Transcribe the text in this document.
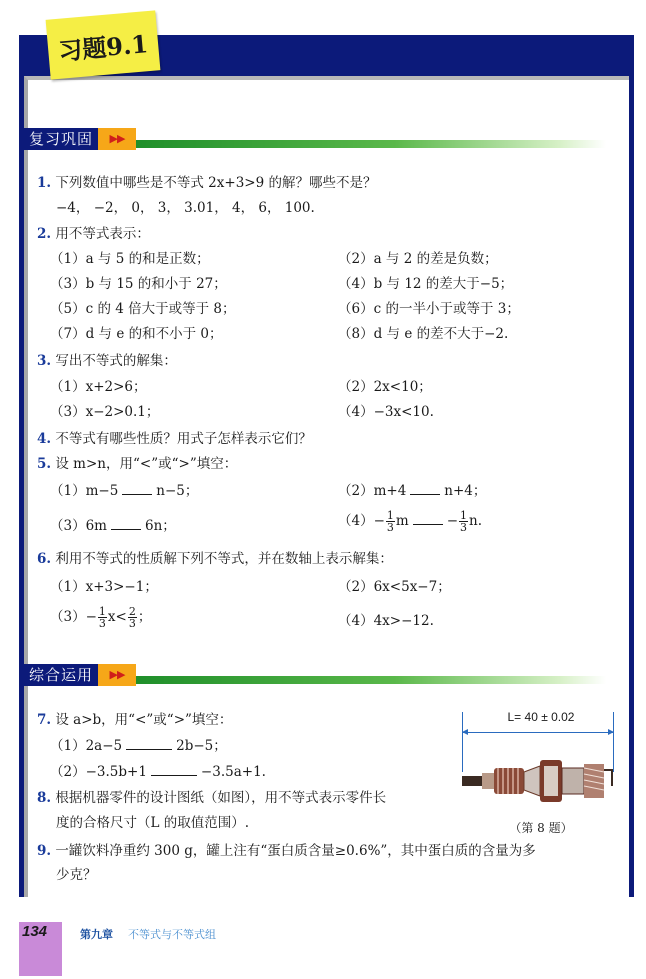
习题9.1
复习巩固	▶▶
1. 下列数值中哪些是不等式 2x+3>9 的解？哪些不是？
−4， −2， 0， 3， 3.01， 4， 6， 100.
2. 用不等式表示：
（1）a 与 5 的和是正数；	（2）a 与 2 的差是负数；
（3）b 与 15 的和小于 27；	（4）b 与 12 的差大于−5；
（5）c 的 4 倍大于或等于 8；	（6）c 的一半小于或等于 3；
（7）d 与 e 的和不小于 0；	（8）d 与 e 的差不大于−2.
3. 写出不等式的解集：
（1）x+2>6；	（2）2x<10；
（3）x−2>0.1；	（4）−3x<10.
4. 不等式有哪些性质？用式子怎样表示它们？
5. 设 m>n，用“<”或“>”填空：
（1）m−5	n−5；	（2）m+4	n+4；
（3）6m	6n；	$(4)- \frac{1}{3}$ m	− $\frac{1}{3} n$.
6. 利用不等式的性质解下列不等式，并在数轴上表示解集：
（1）x+3>−1；	（2）6x<5x−7；
$(3)- \frac{1}{3} x< \frac{2}{3}$ ；	（4）4x>−12.
综合运用	▶▶
7. 设 a>b，用“<”或“>”填空：
（1）2a−5	2b−5；
（2）−3.5b+1	−3.5a+1.
8. 根据机器零件的设计图纸（如图），用不等式表示零件长
度的合格尺寸（L 的取值范围）.
L= 40 ± 0.02
（第 8 题）
9. 一罐饮料净重约 300 g，罐上注有“蛋白质含量≥0.6%”，其中蛋白质的含量为多
少克？
134	第九章 不等式与不等式组
